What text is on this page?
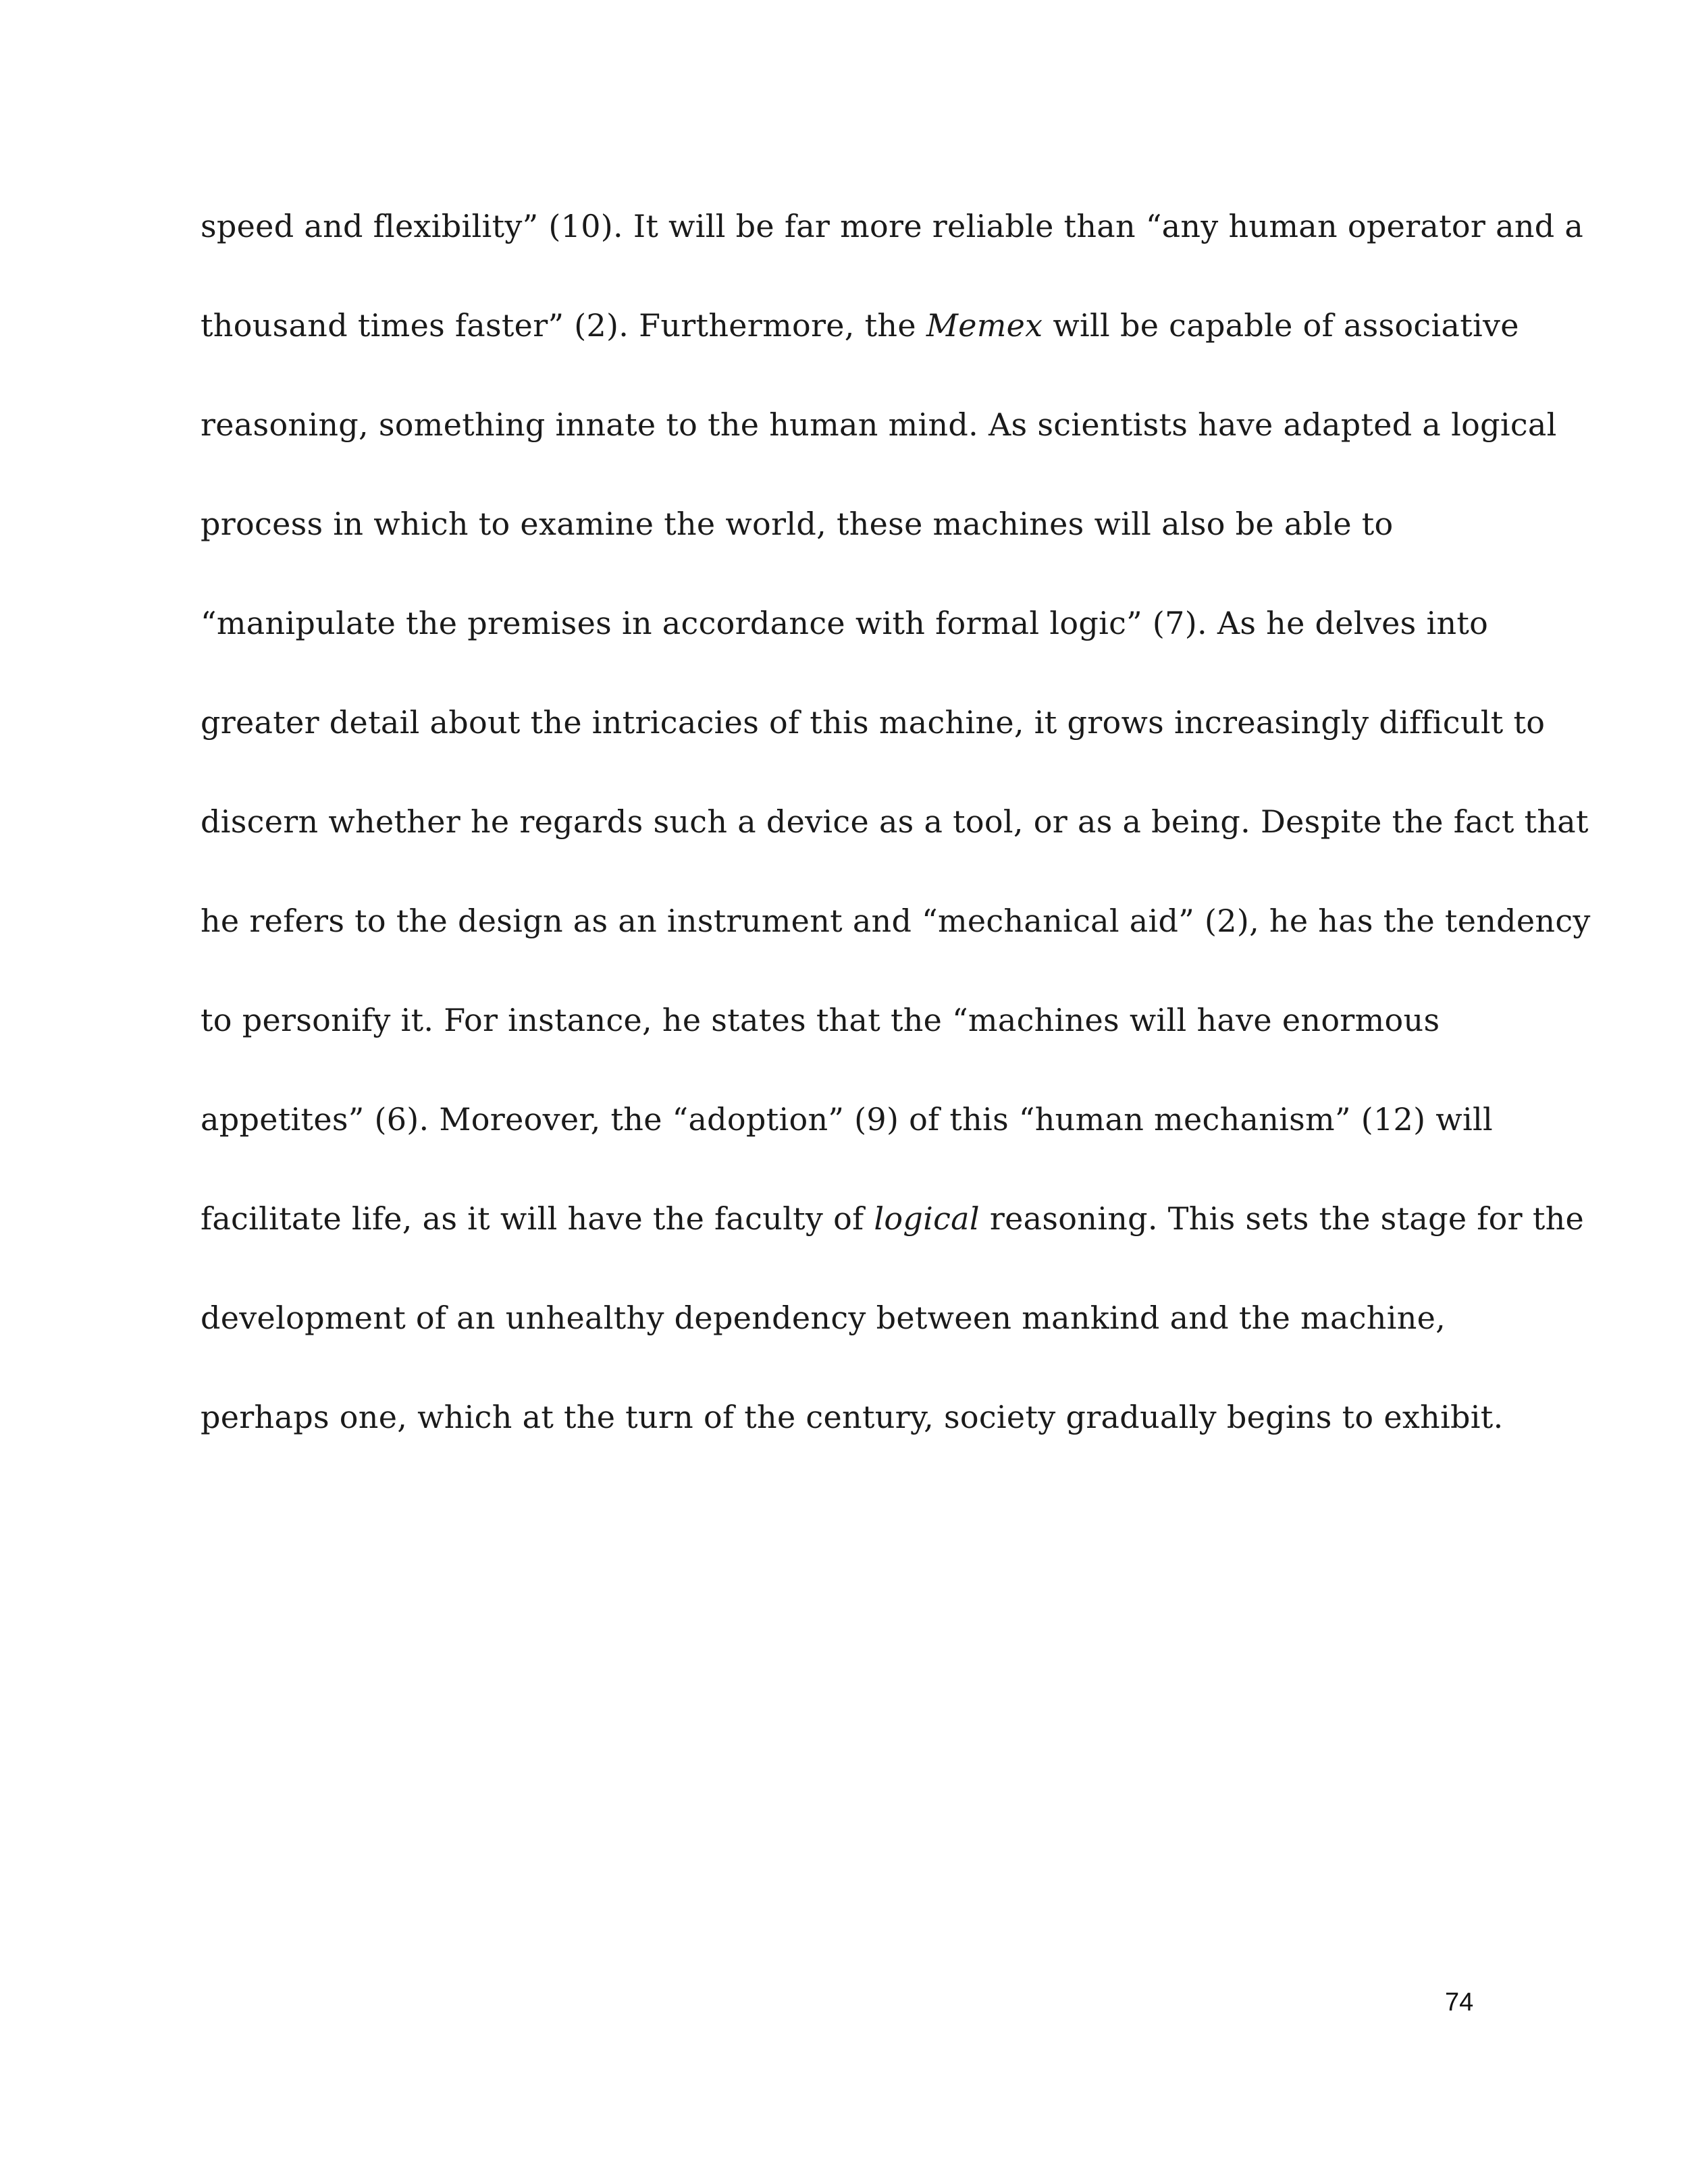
speed and flexibility” (10). It will be far more reliable than “any human operator and a
thousand times faster” (2). Furthermore, the Memex will be capable of associative
reasoning, something innate to the human mind. As scientists have adapted a logical
process in which to examine the world, these machines will also be able to
“manipulate the premises in accordance with formal logic” (7). As he delves into
greater detail about the intricacies of this machine, it grows increasingly difficult to
discern whether he regards such a device as a tool, or as a being. Despite the fact that
he refers to the design as an instrument and “mechanical aid” (2), he has the tendency
to personify it. For instance, he states that the “machines will have enormous
appetites” (6). Moreover, the “adoption” (9) of this “human mechanism” (12) will
facilitate life, as it will have the faculty of logical reasoning. This sets the stage for the
development of an unhealthy dependency between mankind and the machine,
perhaps one, which at the turn of the century, society gradually begins to exhibit.
74
